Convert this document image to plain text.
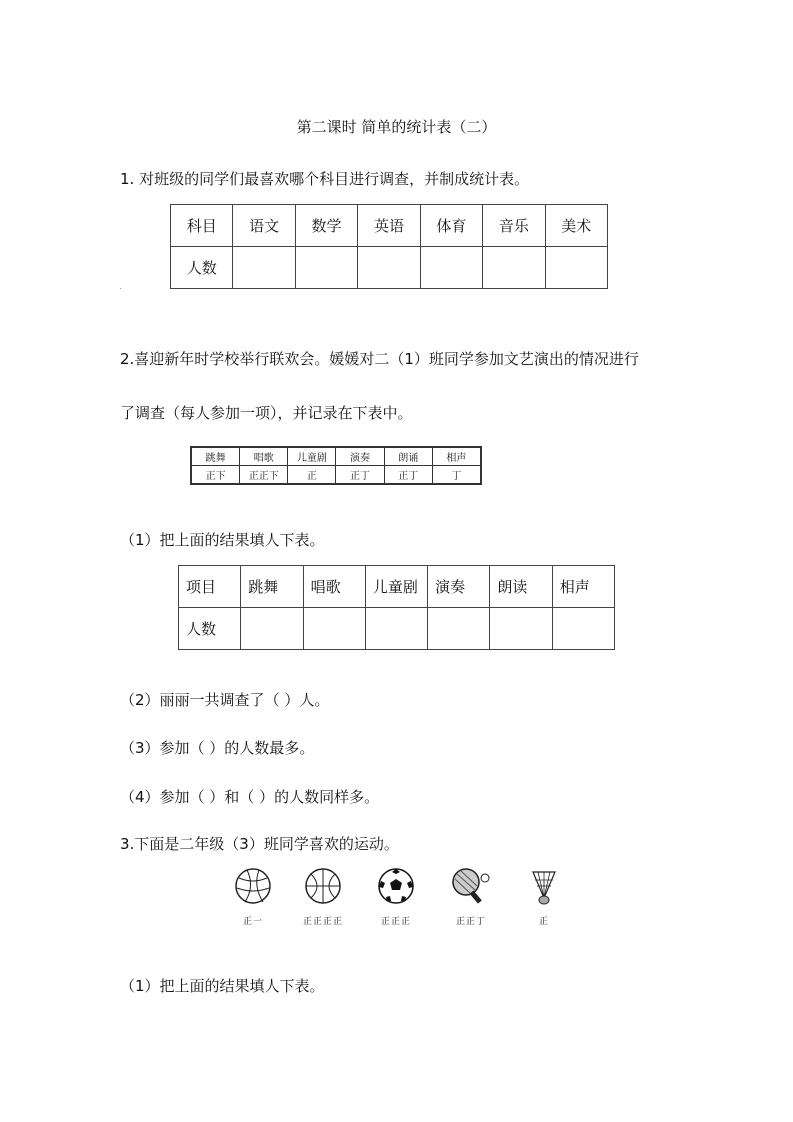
第二课时 简单的统计表（二）
1. 对班级的同学们最喜欢哪个科目进行调查，并制成统计表。
科目	语文	数学	英语	体育	音乐	美术
人数						
2.喜迎新年时学校举行联欢会。媛媛对二（1）班同学参加文艺演出的情况进行
了调查（每人参加一项），并记录在下表中。
跳舞	唱歌	儿童剧	演奏	朗诵	相声
正下	正正下	正	正丁	正丁	丁
（1）把上面的结果填人下表。
项目	跳舞	唱歌	儿童剧	演奏	朗读	相声
人数						
（2）丽丽一共调查了（ ）人。
（3）参加（ ）的人数最多。
（4）参加（ ）和（ ）的人数同样多。
3.下面是二年级（3）班同学喜欢的运动。
正一	正正正正	正正正	正正丁	正
（1）把上面的结果填人下表。
